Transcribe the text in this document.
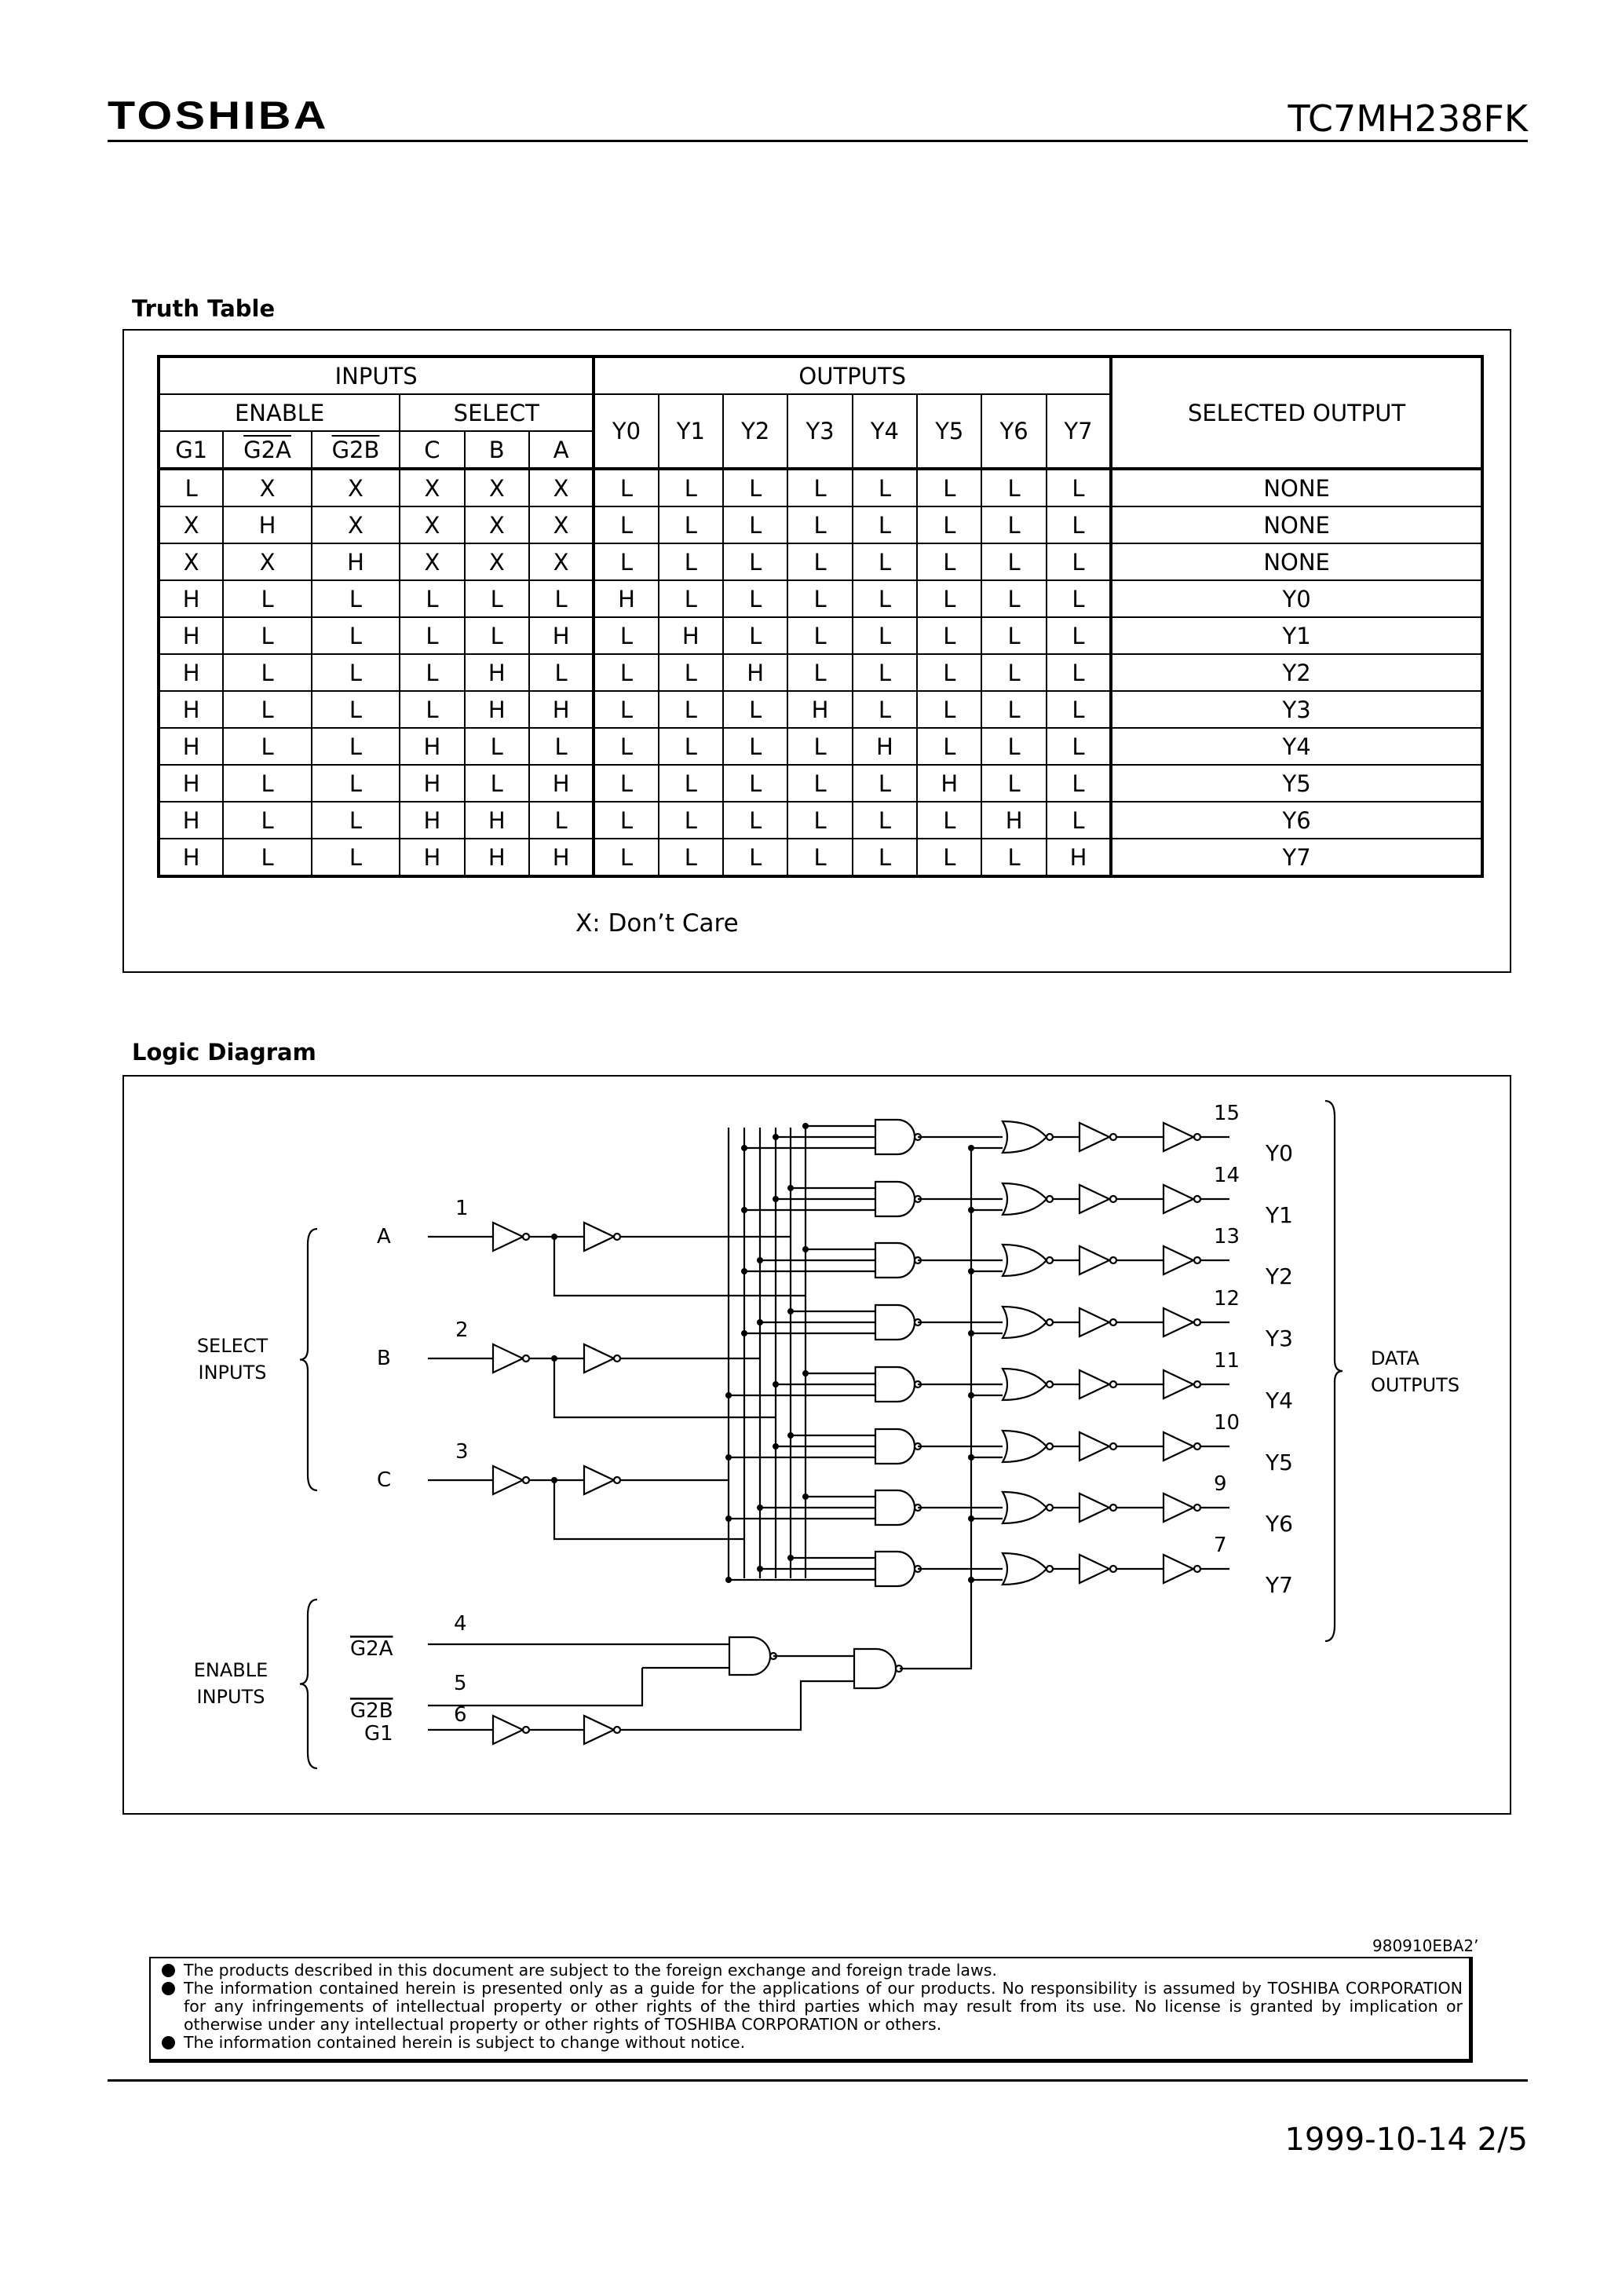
TOSHIBA	TC7MH238FK
Truth Table
INPUTS						OUTPUTS								SELECTED OUTPUT
ENABLE			SELECT			Y0	Y1	Y2	Y3	Y4	Y5	Y6	Y7	
G1	G2A	G2B	C	B	A									
L	X	X	X	X	X	L	L	L	L	L	L	L	L	NONE
X	H	X	X	X	X	L	L	L	L	L	L	L	L	NONE
X	X	H	X	X	X	L	L	L	L	L	L	L	L	NONE
H	L	L	L	L	L	H	L	L	L	L	L	L	L	Y0
H	L	L	L	L	H	L	H	L	L	L	L	L	L	Y1
H	L	L	L	H	L	L	L	H	L	L	L	L	L	Y2
H	L	L	L	H	H	L	L	L	H	L	L	L	L	Y3
H	L	L	H	L	L	L	L	L	L	H	L	L	L	Y4
H	L	L	H	L	H	L	L	L	L	L	H	L	L	Y5
H	L	L	H	H	L	L	L	L	L	L	L	H	L	Y6
H	L	L	H	H	H	L	L	L	L	L	L	L	H	Y7
X: Don’t Care
Logic Diagram
1
A
2
B
3
C
15
Y0
14
Y1
13
Y2
12
Y3
11
Y4
10
Y5
9
Y6
7
Y7
4
5
6
G2A
G2B
G1
SELECT
INPUTS
ENABLE
INPUTS
DATA
OUTPUTS
980910EBA2’
The products described in this document are subject to the foreign exchange and foreign trade laws.
The information contained herein is presented only as a guide for the applications of our products. No responsibility is assumed by TOSHIBA CORPORATION for any infringements of intellectual property or other rights of the third parties which may result from its use. No license is granted by implication or otherwise under any intellectual property or other rights of TOSHIBA CORPORATION or others.
The information contained herein is subject to change without notice.
1999-10-14 2/5
